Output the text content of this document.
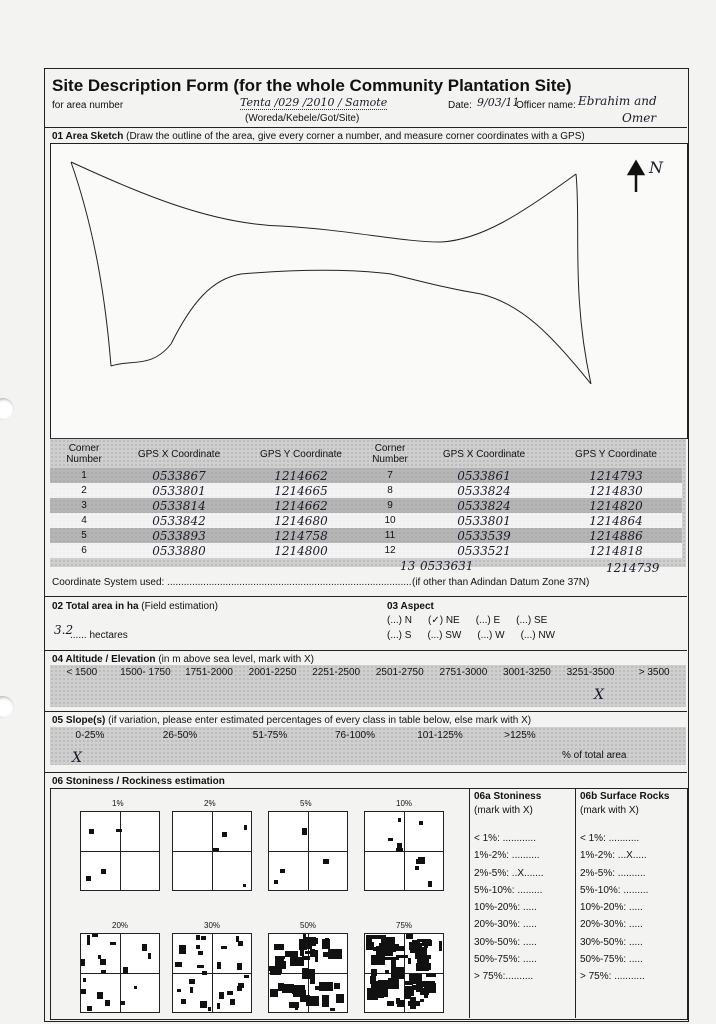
Site Description Form (for the whole Community Plantation Site)
for area number	Tenta /029 /2010 / Samote
(Woreda/Kebele/Got/Site)
Date: 9/03/11
Officer name: Ebrahim and
Omer
01 Area Sketch (Draw the outline of the area, give every corner a number, and measure corner coordinates with a GPS)
N
Corner Number	GPS X Coordinate	GPS Y Coordinate	Corner Number	GPS X Coordinate	GPS Y Coordinate
1	0533867	1214662	7	0533861	1214793
2	0533801	1214665	8	0533824	1214830
3	0533814	1214662	9	0533824	1214820
4	0533842	1214680	10	0533801	1214864
5	0533893	1214758	11	0533539	1214886
6	0533880	1214800	12	0533521	1214818
13 0533631	1214739
Coordinate System used: ........................................................................................ (if other than Adindan Datum Zone 37N)
02 Total area in ha (Field estimation)
3.2
...... hectares
03 Aspect
(...) N (✓) NE (...) E (...) SE
(...) S (...) SW (...) W (...) NW
04 Altitude / Elevation (in m above sea level, mark with X)
< 1500	1500- 1750	1751-2000	2001-2250	2251-2500	2501-2750	2751-3000	3001-3250	3251-3500	> 3500
X
05 Slope(s) (if variation, please enter estimated percentages of every class in table below, else mark with X)
0-25%	26-50%	51-75%	76-100%	101-125%	>125%
X	% of total area
06 Stoniness / Rockiness estimation
1%	2%	5%	10%
20%	30%	50%	75%
06a Stoniness
(mark with X)
06b Surface Rocks
(mark with X)
< 1%: ............
1%-2%: ..........
2%-5%: ..X.......
5%-10%: .........
10%-20%: .....
20%-30%: .....
30%-50%: .....
50%-75%: .....
> 75%:..........
< 1%: ...........
1%-2%: ...X.....
2%-5%: ..........
5%-10%: .........
10%-20%: .....
20%-30%: .....
30%-50%: .....
50%-75%: .....
> 75%: ...........
